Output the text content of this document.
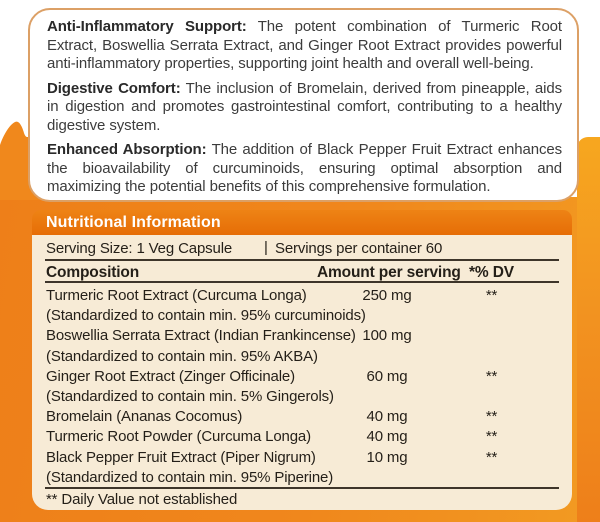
Anti-Inflammatory Support: The potent combination of Turmeric Root Extract, Boswellia Serrata Extract, and Ginger Root Extract provides powerful anti-inflammatory properties, supporting joint health and overall well-being.

Digestive Comfort: The inclusion of Bromelain, derived from pineapple, aids in digestion and promotes gastrointestinal comfort, contributing to a healthy digestive system.

Enhanced Absorption: The addition of Black Pepper Fruit Extract enhances the bioavailability of curcuminoids, ensuring optimal absorption and maximizing the potential benefits of this comprehensive formulation.

Nutritional Information
Serving Size: 1 Veg Capsule | Servings per container 60
Composition	Amount per serving *% DV
Turmeric Root Extract (Curcuma Longa)	250 mg	**
(Standardized to contain min. 95% curcuminoids)
Boswellia Serrata Extract (Indian Frankincense) 100 mg
(Standardized to contain min. 95% AKBA)
Ginger Root Extract (Zinger Officinale)	60 mg	**
(Standardized to contain min. 5% Gingerols)
Bromelain (Ananas Cocomus)	40 mg	**
Turmeric Root Powder (Curcuma Longa)	40 mg	**
Black Pepper Fruit Extract (Piper Nigrum)	10 mg	**
(Standardized to contain min. 95% Piperine)
** Daily Value not established
